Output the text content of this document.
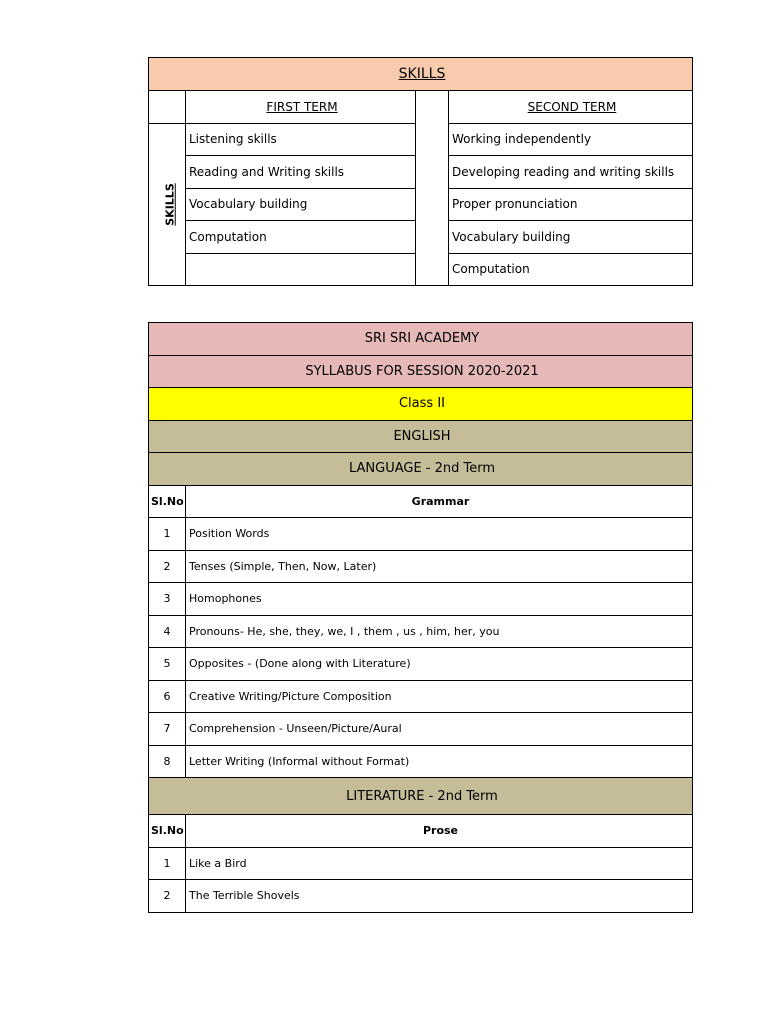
SKILLS			
	FIRST TERM		SECOND TERM
SKILLS	Listening skills		Working independently
	Reading and Writing skills		Developing reading and writing skills
	Vocabulary building		Proper pronunciation
	Computation		Vocabulary building
			Computation
SRI SRI ACADEMY	
SYLLABUS FOR SESSION 2020-2021	
Class II	
ENGLISH	
LANGUAGE - 2nd Term	
Sl.No	Grammar
1	Position Words
2	Tenses (Simple, Then, Now, Later)
3	Homophones
4	Pronouns- He, she, they, we, I , them , us , him, her, you
5	Opposites - (Done along with Literature)
6	Creative Writing/Picture Composition
7	Comprehension - Unseen/Picture/Aural
8	Letter Writing (Informal without Format)
LITERATURE - 2nd Term	
Sl.No	Prose
1	Like a Bird
2	The Terrible Shovels
